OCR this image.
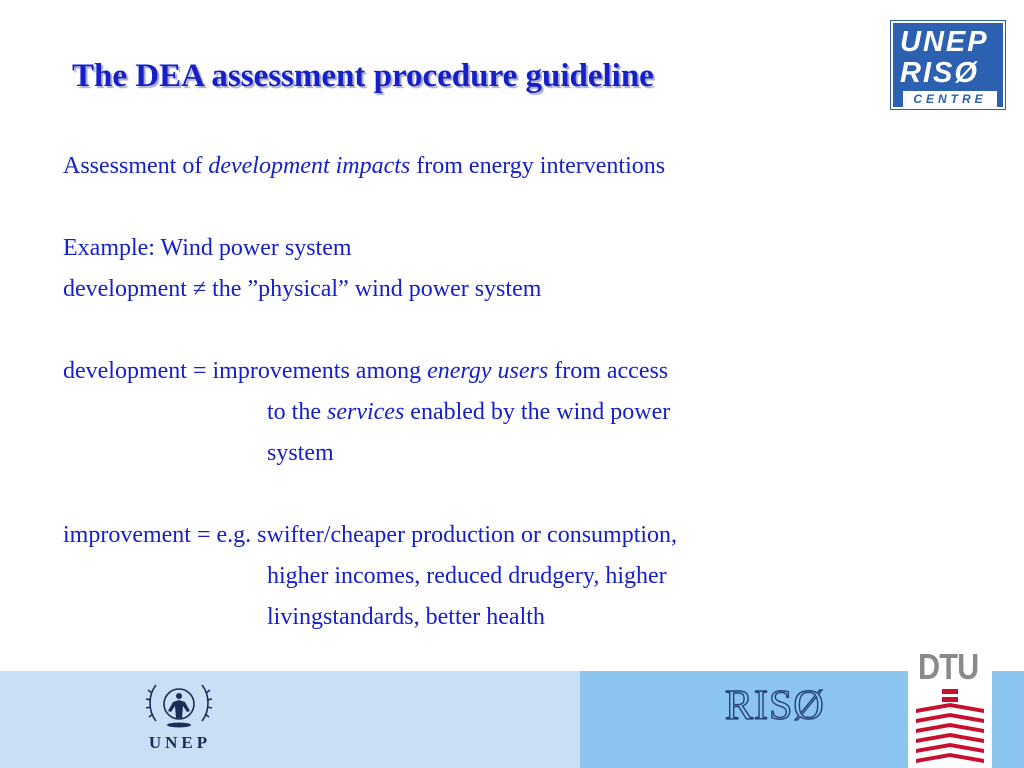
The DEA assessment procedure guideline
UNEP
RISØ
CENTRE
Assessment of development impacts from energy interventions
Example: Wind power system
development ≠ the ”physical” wind power system
development = improvements among energy users from access
to the services enabled by the wind power
system
improvement = e.g. swifter/cheaper production or consumption,
higher incomes, reduced drudgery, higher
livingstandards, better health
UNEP
RISØ
DTU
